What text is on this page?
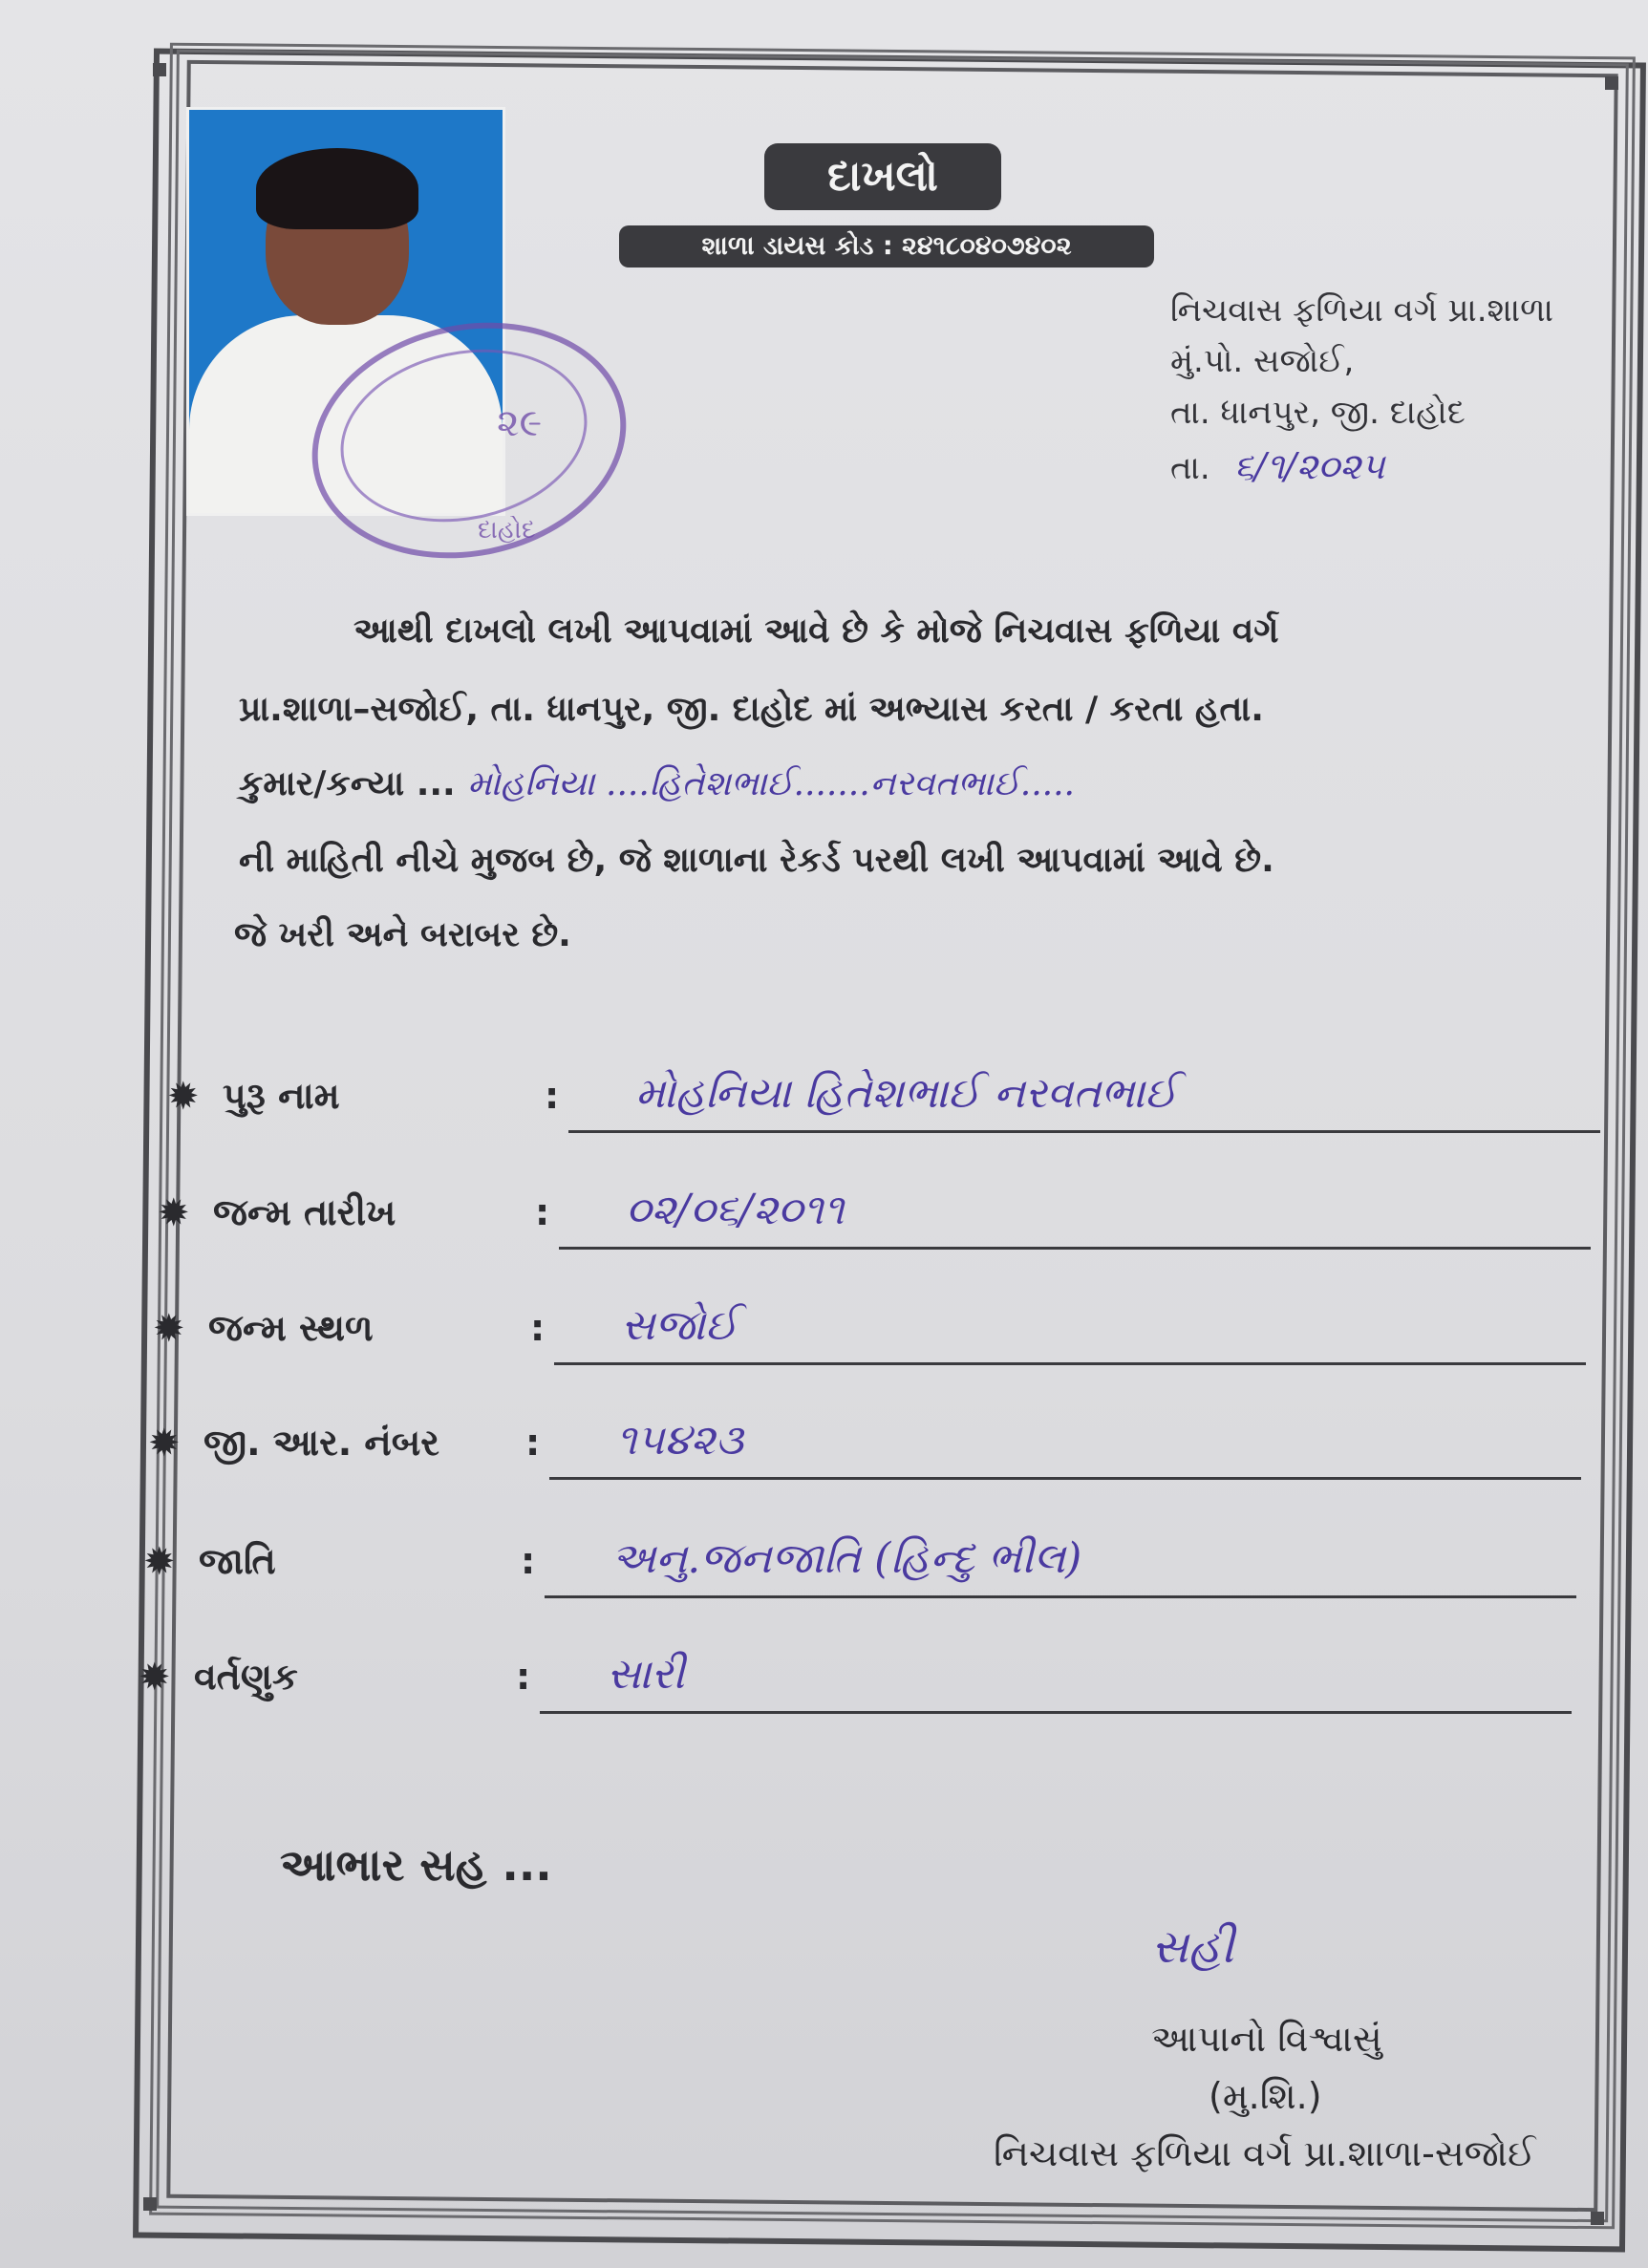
૨૯
દાહોદ
દાખલો
શાળા ડાયસ કોડ : ૨૪૧૮૦૪૦૭૪૦૨
નિચવાસ ફળિયા વર્ગ પ્રા.શાળા
મું.પો. સજોઈ,
તા. ધાનપુર, જી. દાહોદ
તા. ૬/૧/૨૦૨૫
આથી દાખલો લખી આપવામાં આવે છે કે મોજે નિચવાસ ફળિયા વર્ગ
પ્રા.શાળા–સજોઈ, તા. ધાનપુર, જી. દાહોદ માં અભ્યાસ કરતા / કરતા હતા.
કુમાર/કન્યા ... મોહનિયા ....હિતેશભાઈ.......નરવતભાઈ.....
ની માહિતી નીચે મુજબ છે, જે શાળાના રેકર્ડ પરથી લખી આપવામાં આવે છે.
જે ખરી અને બરાબર છે.
✹ પુરૂ નામ	: મોહનિયા હિતેશભાઈ નરવતભાઈ
✹ જન્મ તારીખ	: ૦૨/૦૬/૨૦૧૧
✹ જન્મ સ્થળ	: સજોઈ
✹ જી. આર. નંબર : ૧૫૪૨૩
✹ જાતિ	: અનુ.જનજાતિ (હિન્દુ ભીલ)
✹ વર્તણુક	: સારી
આભાર સહ ...
સહી
આપાનો વિશ્વાસું
(મુ.શિ.)
નિચવાસ ફળિયા વર્ગ પ્રા.શાળા-સજોઈ
